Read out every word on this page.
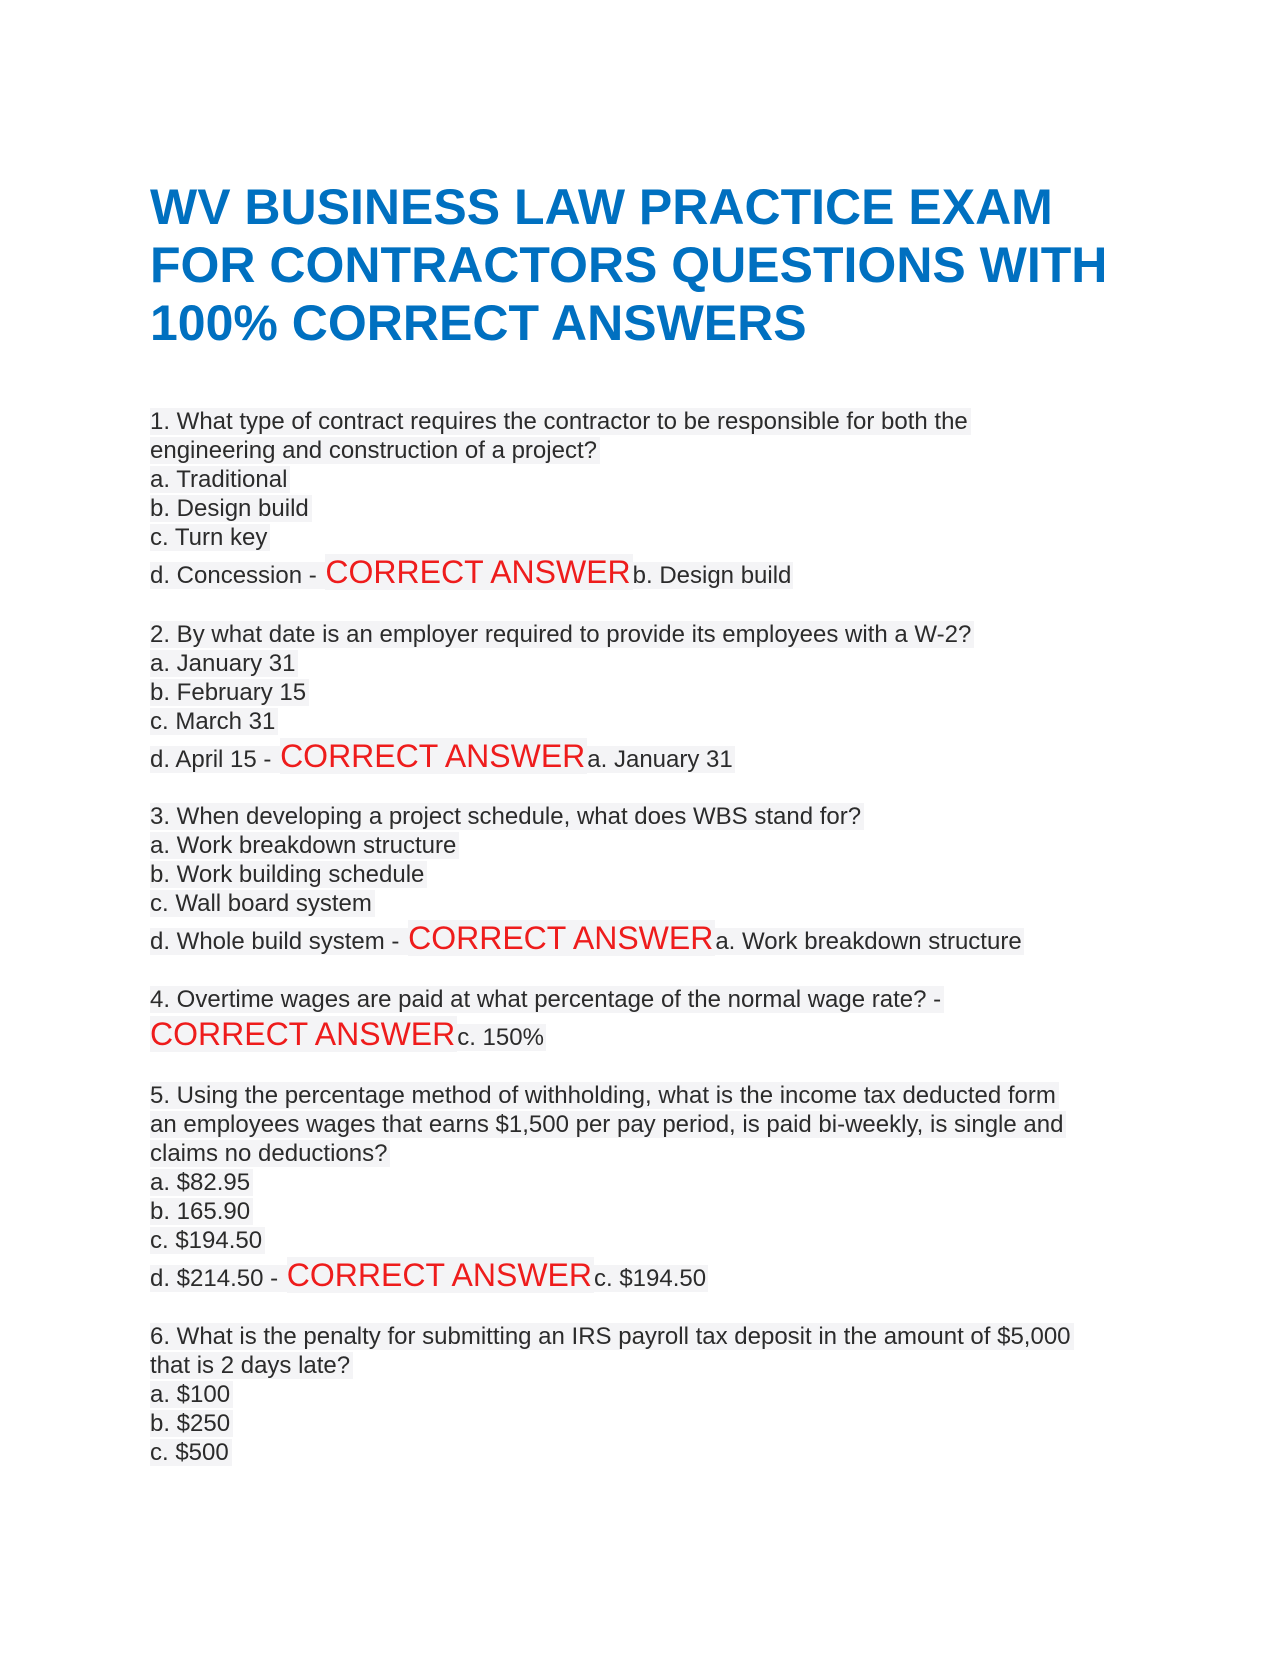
WV BUSINESS LAW PRACTICE EXAM
FOR CONTRACTORS QUESTIONS WITH
100% CORRECT ANSWERS
1. What type of contract requires the contractor to be responsible for both the
engineering and construction of a project?
a. Traditional
b. Design build
c. Turn key
d. Concession - CORRECT ANSWERb. Design build
2. By what date is an employer required to provide its employees with a W-2?
a. January 31
b. February 15
c. March 31
d. April 15 - CORRECT ANSWERa. January 31
3. When developing a project schedule, what does WBS stand for?
a. Work breakdown structure
b. Work building schedule
c. Wall board system
d. Whole build system - CORRECT ANSWERa. Work breakdown structure
4. Overtime wages are paid at what percentage of the normal wage rate? -
CORRECT ANSWERc. 150%
5. Using the percentage method of withholding, what is the income tax deducted form
an employees wages that earns $1,500 per pay period, is paid bi-weekly, is single and
claims no deductions?
a. $82.95
b. 165.90
c. $194.50
d. $214.50 - CORRECT ANSWERc. $194.50
6. What is the penalty for submitting an IRS payroll tax deposit in the amount of $5,000
that is 2 days late?
a. $100
b. $250
c. $500
